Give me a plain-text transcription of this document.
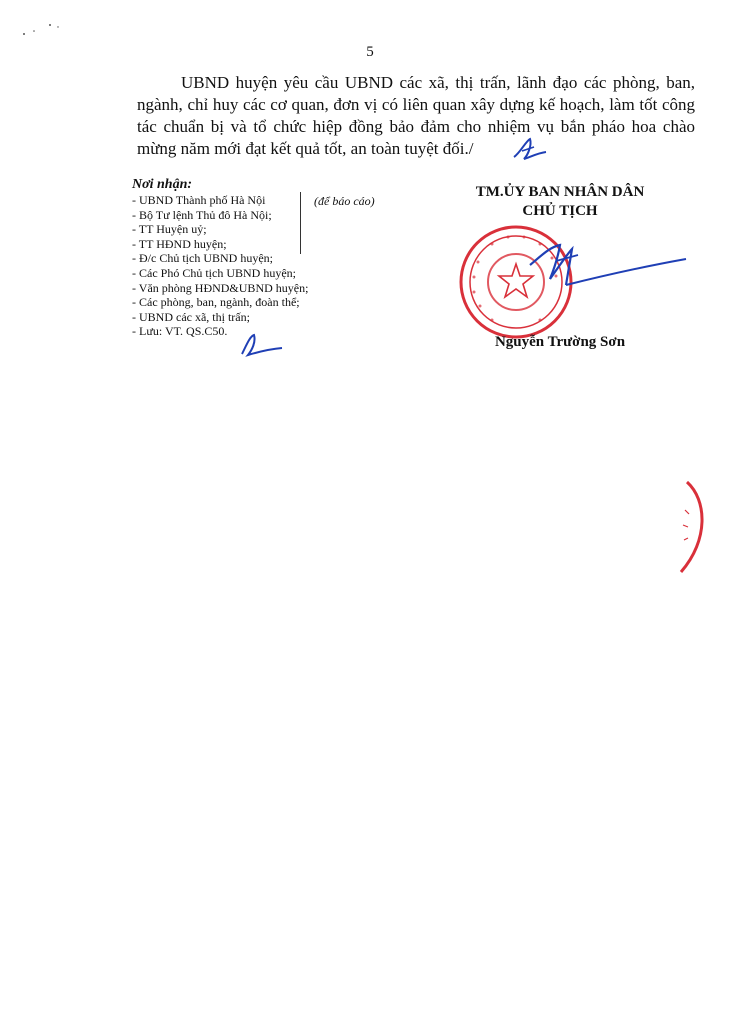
5

UBND huyện yêu cầu UBND các xã, thị trấn, lãnh đạo các phòng, ban, ngành, chỉ huy các cơ quan, đơn vị có liên quan xây dựng kế hoạch, làm tốt công tác chuẩn bị và tổ chức hiệp đồng bảo đảm cho nhiệm vụ bắn pháo hoa chào mừng năm mới đạt kết quả tốt, an toàn tuyệt đối./

Nơi nhận:
- UBND Thành phố Hà Nội
- Bộ Tư lệnh Thủ đô Hà Nội;
- TT Huyện uỷ;
- TT HĐND huyện;
- Đ/c Chủ tịch UBND huyện;
- Các Phó Chủ tịch UBND huyện;
- Văn phòng HĐND&UBND huyện;
- Các phòng, ban, ngành, đoàn thể;
- UBND các xã, thị trấn;
- Lưu: VT. QS.C50.
(để báo cáo)
TM.ỦY BAN NHÂN DÂN
CHỦ TỊCH
Nguyễn Trường Sơn
